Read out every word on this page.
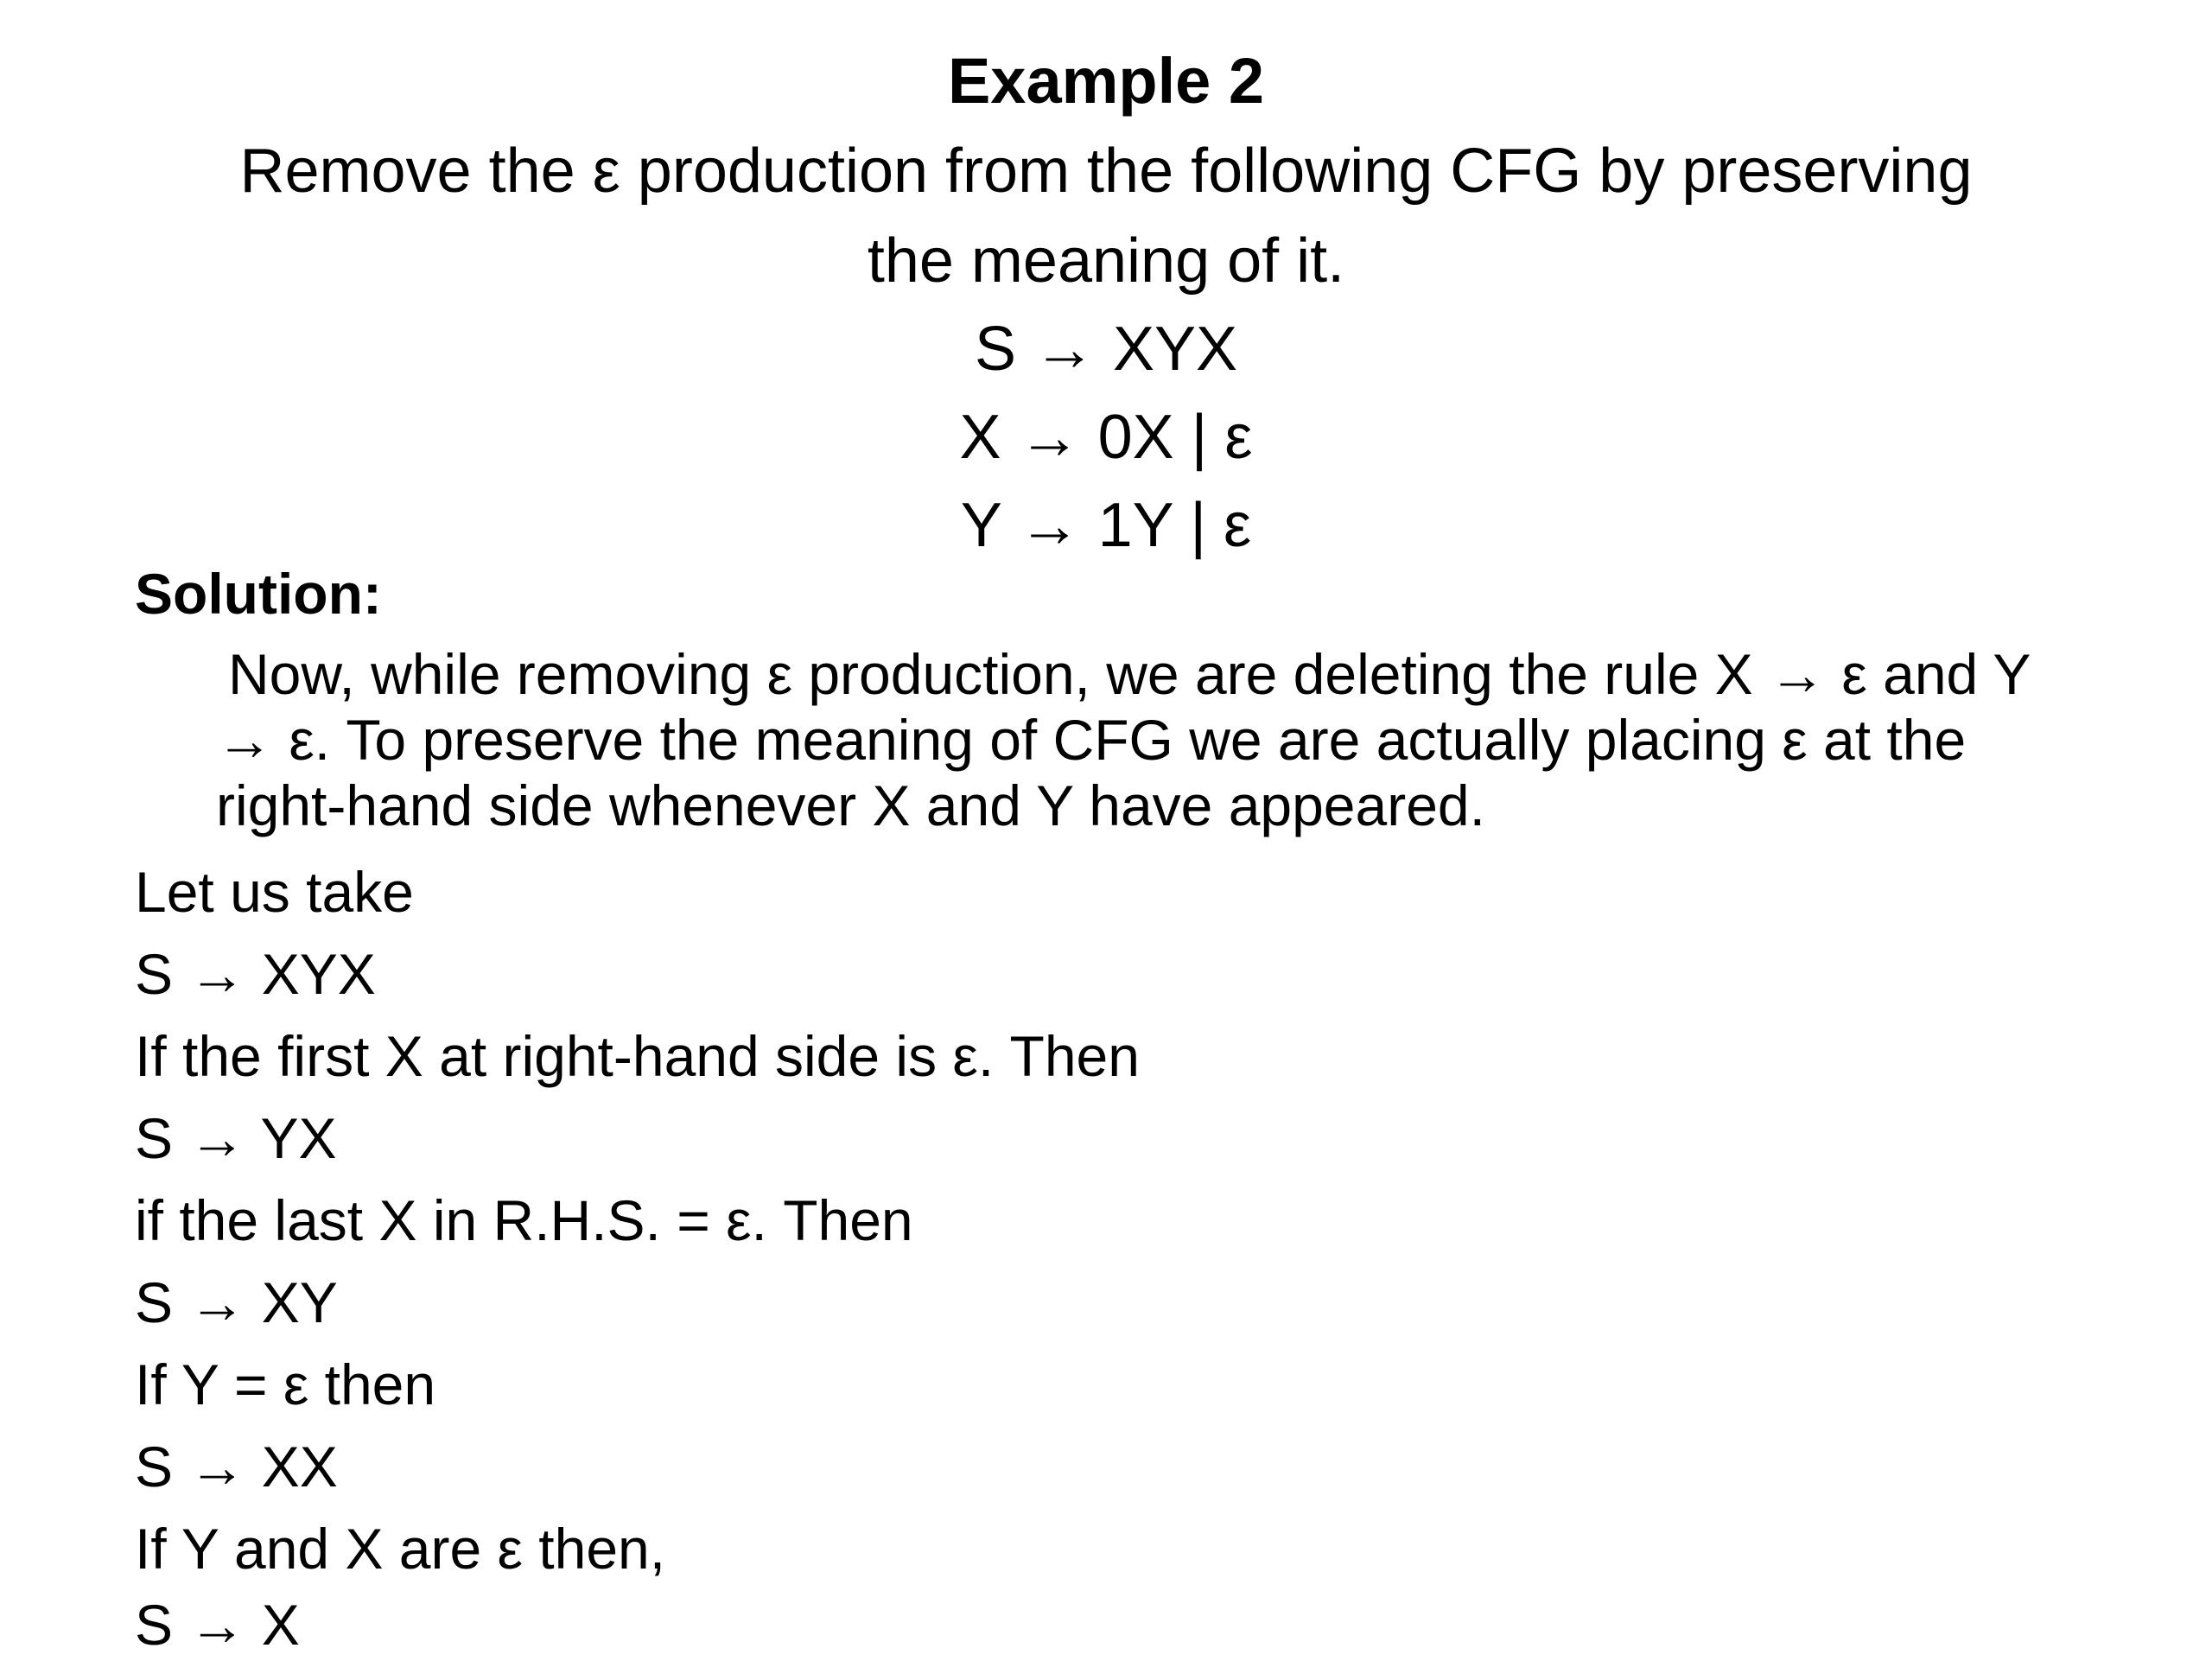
Example 2
Remove the ε production from the following CFG by preserving
the meaning of it.
S → XYX
X → 0X | ε
Y → 1Y | ε
Solution:
Now, while removing ε production, we are deleting the rule X → ε and Y → ε. To preserve the meaning of CFG we are actually placing ε at the right-hand side whenever X and Y have appeared.
Let us take
S → XYX
If the first X at right-hand side is ε. Then
S → YX
if the last X in R.H.S. = ε. Then
S → XY
If Y = ε then
S → XX
If Y and X are ε then,
S → X
